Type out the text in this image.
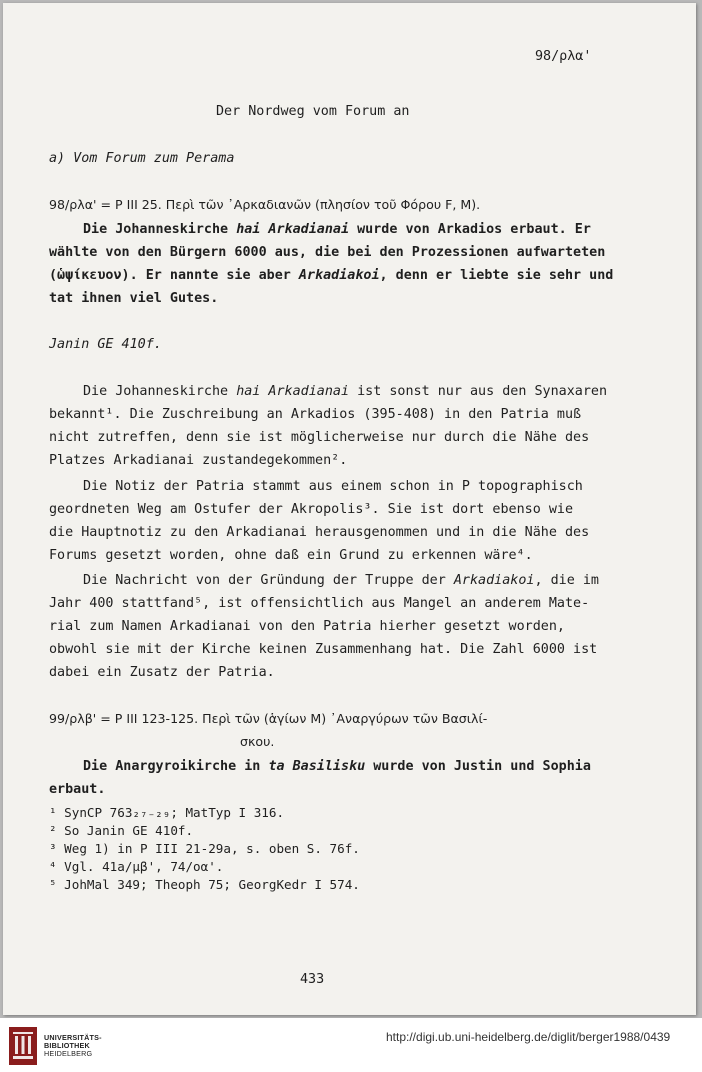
98/ρλα'
Der Nordweg vom Forum an
a) Vom Forum zum Perama
98/ρλα' = P III 25. Περὶ τῶν ᾿Αρκαδιανῶν (πλησίον τοῦ Φόρου F, M).
Die Johanneskirche hai Arkadianai wurde von Arkadios erbaut. Er
wählte von den Bürgern 6000 aus, die bei den Prozessionen aufwarteten
(ὡψίκευον). Er nannte sie aber Arkadiakoi, denn er liebte sie sehr und
tat ihnen viel Gutes.
Janin GE 410f.
Die Johanneskirche hai Arkadianai ist sonst nur aus den Synaxaren
bekannt¹. Die Zuschreibung an Arkadios (395-408) in den Patria muß
nicht zutreffen, denn sie ist möglicherweise nur durch die Nähe des
Platzes Arkadianai zustandegekommen².
Die Notiz der Patria stammt aus einem schon in P topographisch
geordneten Weg am Ostufer der Akropolis³. Sie ist dort ebenso wie
die Hauptnotiz zu den Arkadianai herausgenommen und in die Nähe des
Forums gesetzt worden, ohne daß ein Grund zu erkennen wäre⁴.
Die Nachricht von der Gründung der Truppe der Arkadiakoi, die im
Jahr 400 stattfand⁵, ist offensichtlich aus Mangel an anderem Mate-
rial zum Namen Arkadianai von den Patria hierher gesetzt worden,
obwohl sie mit der Kirche keinen Zusammenhang hat. Die Zahl 6000 ist
dabei ein Zusatz der Patria.
99/ρλβ' = P III 123-125. Περὶ τῶν (ἁγίων M) ᾿Αναργύρων τῶν Βασιλί-
σκου.
Die Anargyroikirche in ta Basilisku wurde von Justin und Sophia
erbaut.
¹ SynCP 763₂₇₋₂₉; MatTyp I 316.
² So Janin GE 410f.
³ Weg 1) in P III 21-29a, s. oben S. 76f.
⁴ Vgl. 41a/μβ', 74/οα'.
⁵ JohMal 349; Theoph 75; GeorgKedr I 574.
433
UNIVERSITÄTS-
BIBLIOTHEK
HEIDELBERG
http://digi.ub.uni-heidelberg.de/diglit/berger1988/0439
